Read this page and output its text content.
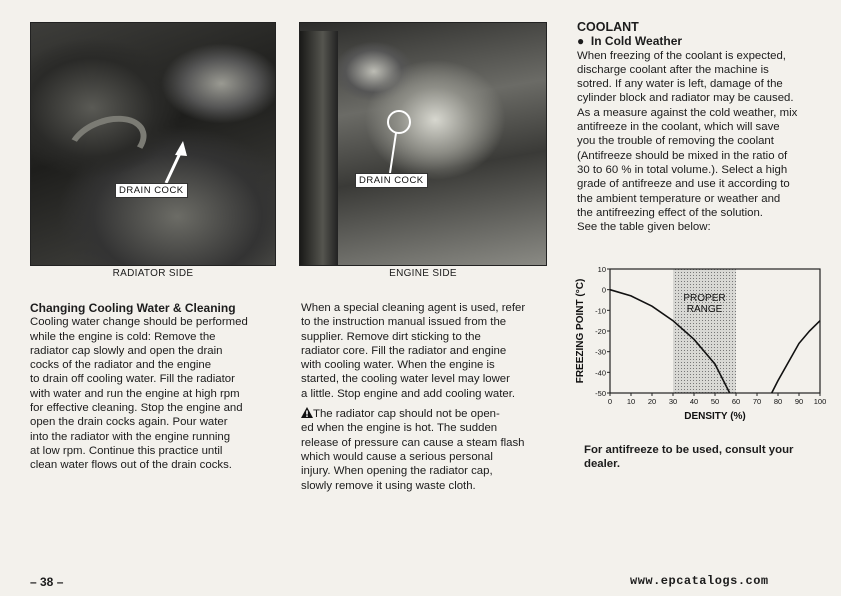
DRAIN COCK
RADIATOR SIDE
DRAIN COCK
ENGINE SIDE
Changing Cooling Water & Cleaning
Cooling water change should be performed
while the engine is cold: Remove the
radiator cap slowly and open the drain
cocks of the radiator and the engine
to drain off cooling water. Fill the radiator
with water and run the engine at high rpm
for effective cleaning. Stop the engine and
open the drain cocks again. Pour water
into the radiator with the engine running
at low rpm. Continue this practice until
clean water flows out of the drain cocks.
When a special cleaning agent is used, refer
to the instruction manual issued from the
supplier. Remove dirt sticking to the
radiator core. Fill the radiator and engine
with cooling water. When the engine is
started, the cooling water level may lower
a little. Stop engine and add cooling water.
The radiator cap should not be open-
ed when the engine is hot. The sudden
release of pressure can cause a steam flash
which would cause a serious personal
injury. When opening the radiator cap,
slowly remove it using waste cloth.
COOLANT
●  In Cold Weather
When freezing of the coolant is expected,
discharge coolant after the machine is
sotred. If any water is left, damage of the
cylinder block and radiator may be caused.
As a measure against the cold weather, mix
antifreeze in the coolant, which will save
you the trouble of removing the coolant
(Antifreeze should be mixed in the ratio of
30 to 60 % in total volume.). Select a high
grade of antifreeze and use it according to
the ambient temperature or weather and
the antifreezing effect of the solution.
See the table given below:
PROPER
RANGE
10
0
-10
-20
-30
-40
-50
0 10 20 30 40 50 60 70 80 90 100
DENSITY (%)
FREEZING POINT (°C)
For antifreeze to be used, consult your
dealer.
– 38 –	www.epcatalogs.com
